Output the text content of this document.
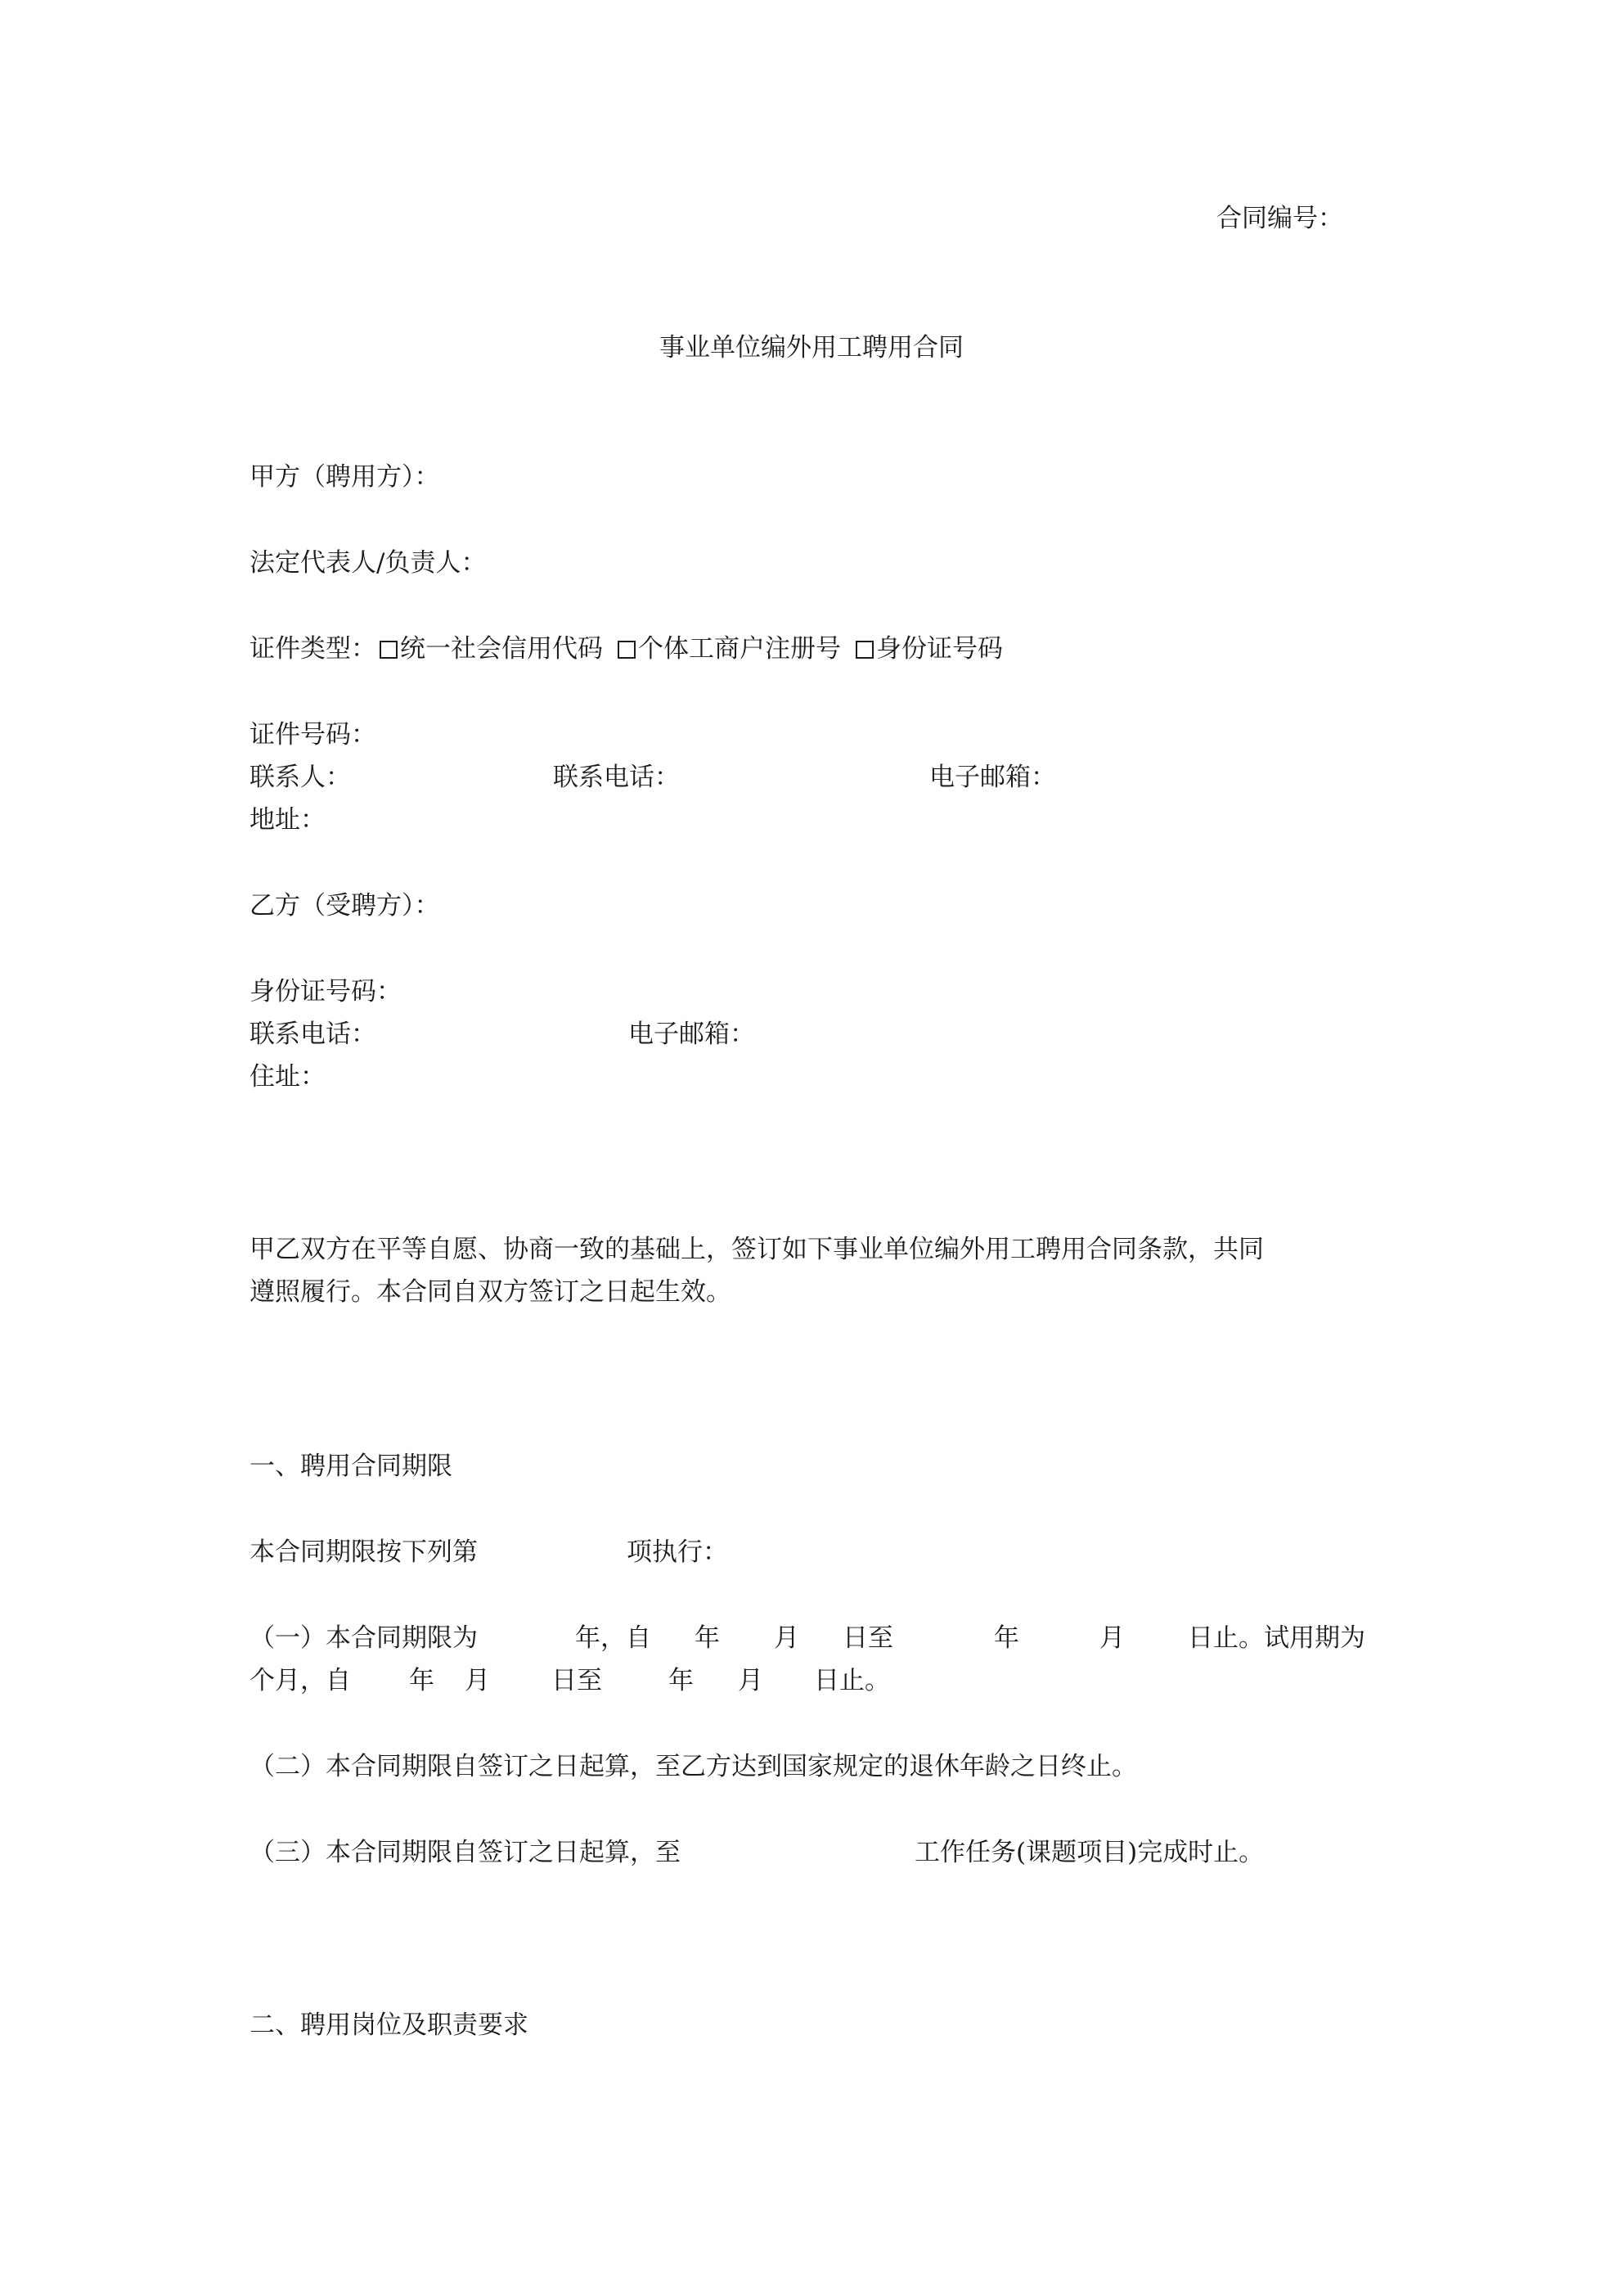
合同编号：
事业单位编外用工聘用合同
甲方（聘用方）：
法定代表人/负责人：
证件类型： 统一社会信用代码 个体工商户注册号 身份证号码
证件号码：
联系人：	联系电话：	电子邮箱：
地址：
乙方（受聘方）：
身份证号码：
联系电话：	电子邮箱：
住址：
甲乙双方在平等自愿、协商一致的基础上，签订如下事业单位编外用工聘用合同条款，共同
遵照履行。本合同自双方签订之日起生效。
一、聘用合同期限
本合同期限按下列第	项执行：
（一）本合同期限为	年，自 年 月 日至	年	月 日止。试用期为
个月，自 年 月 日至	年 月 日止。
（二）本合同期限自签订之日起算，至乙方达到国家规定的退休年龄之日终止。
（三）本合同期限自签订之日起算，至	工作任务(课题项目)完成时止。
二、聘用岗位及职责要求
